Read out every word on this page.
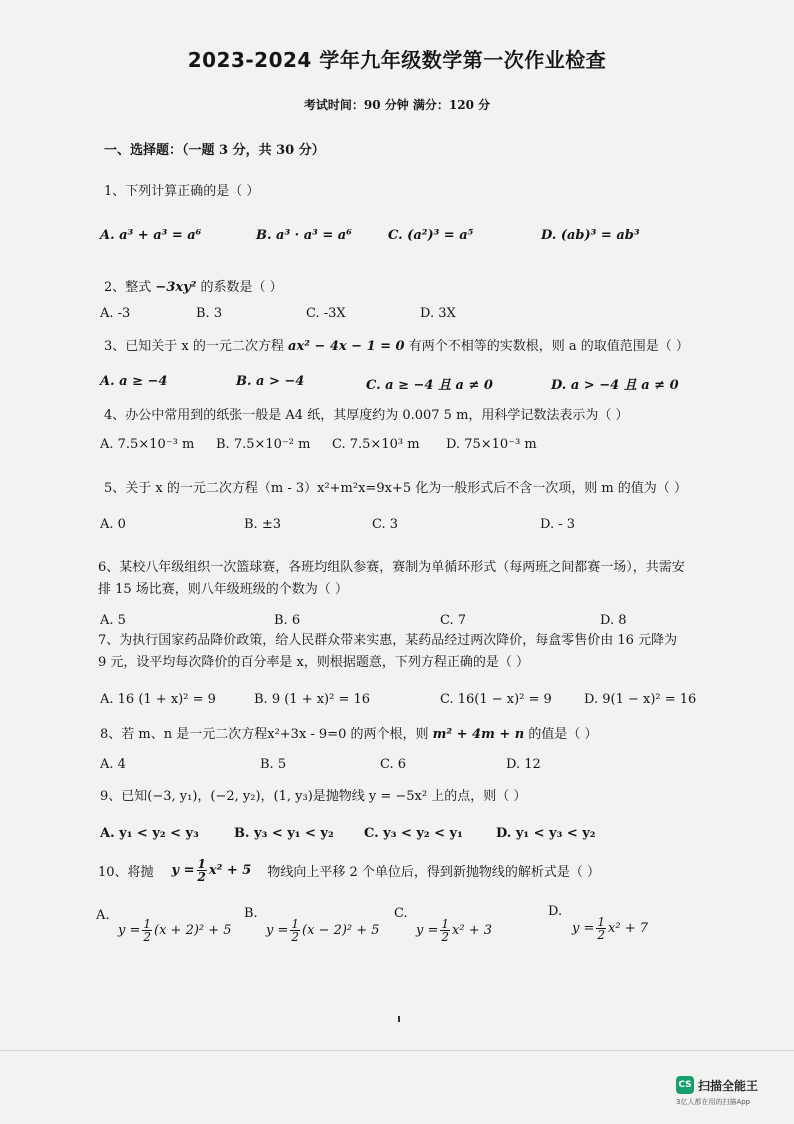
2023-2024 学年九年级数学第一次作业检查
考试时间：90 分钟 满分：120 分
一、选择题：（一题 3 分，共 30 分）
1、下列计算正确的是（ ）
A. a³ + a³ = a⁶	B. a³ · a³ = a⁶	C. (a²)³ = a⁵	D. (ab)³ = ab³
2、整式 −3xy² 的系数是（ ）
A. -3	B. 3	C. -3X	D. 3X
3、已知关于 x 的一元二次方程 ax² − 4x − 1 = 0 有两个不相等的实数根，则 a 的取值范围是（ ）
A. a ≥ −4	B. a > −4	C. a ≥ −4 且 a ≠ 0	D. a > −4 且 a ≠ 0
4、办公中常用到的纸张一般是 A4 纸，其厚度约为 0.007 5 m，用科学记数法表示为（ ）
A. 7.5×10⁻³ m B. 7.5×10⁻² m C. 7.5×10³ m D. 75×10⁻³ m
5、关于 x 的一元二次方程（m - 3）x²+m²x=9x+5 化为一般形式后不含一次项，则 m 的值为（ ）
A. 0	B. ±3	C. 3	D. - 3
6、某校八年级组织一次篮球赛，各班均组队参赛，赛制为单循环形式（每两班之间都赛一场），共需安排 15 场比赛，则八年级班级的个数为（ ）
A. 5	B. 6	C. 7	D. 8
7、为执行国家药品降价政策，给人民群众带来实惠，某药品经过两次降价，每盒零售价由 16 元降为 9 元，设平均每次降价的百分率是 x，则根据题意，下列方程正确的是（ ）
A. 16 (1 + x)² = 9	B. 9 (1 + x)² = 16	C. 16(1 − x)² = 9 D. 9(1 − x)² = 16
8、若 m、n 是一元二次方程x²+3x - 9=0 的两个根，则 m² + 4m + n 的值是（ ）
A. 4	B. 5	C. 6	D. 12
9、已知(−3, y₁)，(−2, y₂)，(1, y₃)是抛物线 y = −5x² 上的点，则（ ）
A. y₁ < y₂ < y₃	B. y₃ < y₁ < y₂ C. y₃ < y₂ < y₁	D. y₁ < y₃ < y₂
10、将抛 $y = \frac{1}{2} x^2 + 5$ 物线向上平移 2 个单位后，得到新抛物线的解析式是（ ）
A.
$y = \frac{1}{2} (x + 2)^2 + 5$
B.
$y = \frac{1}{2} (x - 2)^2 + 5$
C.
$y = \frac{1}{2} x^2 + 3$
D.
$y = \frac{1}{2} x^2 + 7$
CS 扫描全能王
3亿人都在用的扫描App
